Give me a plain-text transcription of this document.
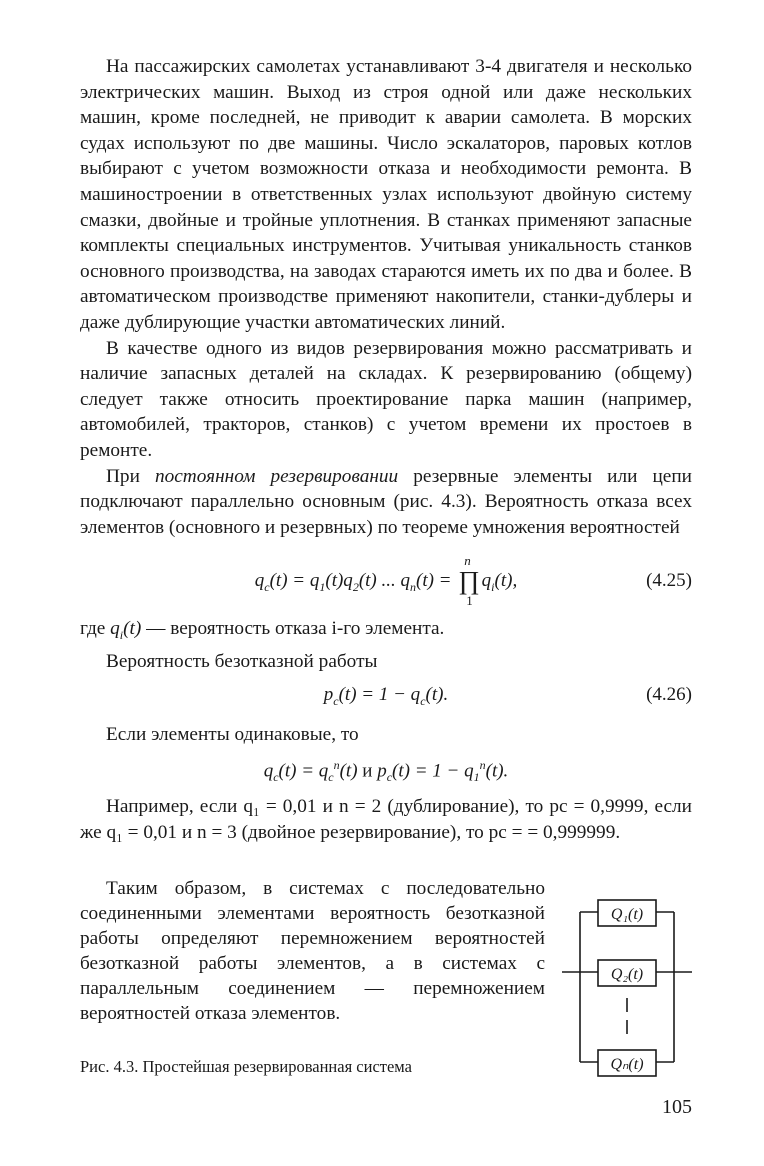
На пассажирских самолетах устанавливают 3-4 двигателя и несколько электрических машин. Выход из строя одной или даже нескольких машин, кроме последней, не приводит к аварии самолета. В морских судах используют по две машины. Число эскалаторов, паровых котлов выбирают с учетом возможности отказа и необходимости ремонта. В машиностроении в ответственных узлах используют двойную систему смазки, двойные и тройные уплотнения. В станках применяют запасные комплекты специальных инструментов. Учитывая уникальность станков основного производства, на заводах стараются иметь их по два и более. В автоматическом производстве применяют накопители, станки-дублеры и даже дублирующие участки автоматических линий.

В качестве одного из видов резервирования можно рассматривать и наличие запасных деталей на складах. К резервированию (общему) следует также относить проектирование парка машин (например, автомобилей, тракторов, станков) с учетом времени их простоев в ремонте.

При постоянном резервировании резервные элементы или цепи подключают параллельно основным (рис. 4.3). Вероятность отказа всех элементов (основного и резервных) по теореме умножения вероятностей

$q_c(t) = q_1(t)q_2(t)$ ... $q_n(t)$ = ∏
n
1
$q_i(t)$,	(4.25)

где $q_i(t)$ — вероятность отказа i-го элемента.

Вероятность безотказной работы

$p_c(t) = 1 - q_c(t)$.	(4.26)

Если элементы одинаковые, то

$q_c(t) = q_c^n(t)$ и $p_c(t) = 1 - q_1^n(t)$.

Например, если q₁ = 0,01 и n = 2 (дублирование), то pс = 0,9999, если же q₁ = 0,01 и n = 3 (двойное резервирование), то pс = = 0,999999.

Таким образом, в системах с последовательно соединенными элементами вероятность безотказной работы определяют перемножением вероятностей безотказной работы элементов, а в системах с параллельным соединением — перемножением вероятностей отказа элементов.

Q₁(t)
Q₂(t)
Qₙ(t)
Рис. 4.3. Простейшая резервированная система
105
